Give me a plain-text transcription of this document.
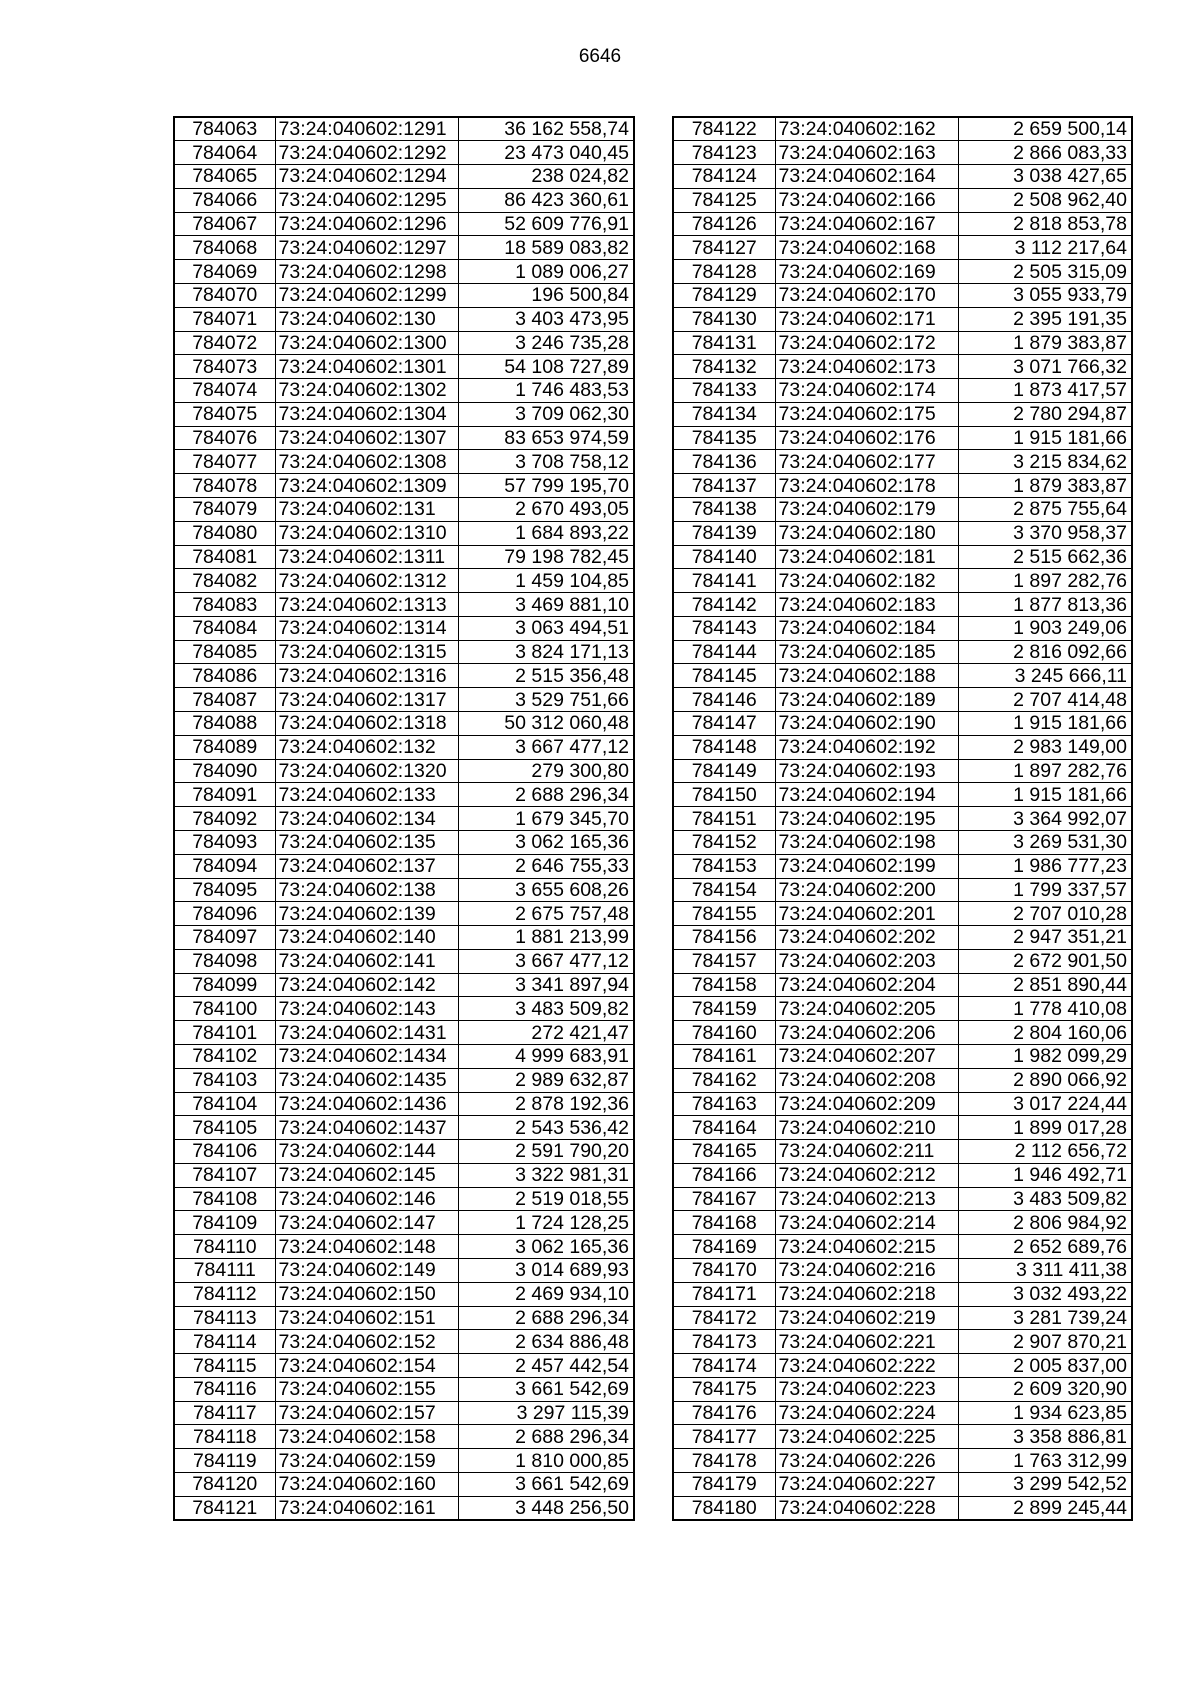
6646
784063	73:24:040602:1291	36 162 558,74
784064	73:24:040602:1292	23 473 040,45
784065	73:24:040602:1294	238 024,82
784066	73:24:040602:1295	86 423 360,61
784067	73:24:040602:1296	52 609 776,91
784068	73:24:040602:1297	18 589 083,82
784069	73:24:040602:1298	1 089 006,27
784070	73:24:040602:1299	196 500,84
784071	73:24:040602:130	3 403 473,95
784072	73:24:040602:1300	3 246 735,28
784073	73:24:040602:1301	54 108 727,89
784074	73:24:040602:1302	1 746 483,53
784075	73:24:040602:1304	3 709 062,30
784076	73:24:040602:1307	83 653 974,59
784077	73:24:040602:1308	3 708 758,12
784078	73:24:040602:1309	57 799 195,70
784079	73:24:040602:131	2 670 493,05
784080	73:24:040602:1310	1 684 893,22
784081	73:24:040602:1311	79 198 782,45
784082	73:24:040602:1312	1 459 104,85
784083	73:24:040602:1313	3 469 881,10
784084	73:24:040602:1314	3 063 494,51
784085	73:24:040602:1315	3 824 171,13
784086	73:24:040602:1316	2 515 356,48
784087	73:24:040602:1317	3 529 751,66
784088	73:24:040602:1318	50 312 060,48
784089	73:24:040602:132	3 667 477,12
784090	73:24:040602:1320	279 300,80
784091	73:24:040602:133	2 688 296,34
784092	73:24:040602:134	1 679 345,70
784093	73:24:040602:135	3 062 165,36
784094	73:24:040602:137	2 646 755,33
784095	73:24:040602:138	3 655 608,26
784096	73:24:040602:139	2 675 757,48
784097	73:24:040602:140	1 881 213,99
784098	73:24:040602:141	3 667 477,12
784099	73:24:040602:142	3 341 897,94
784100	73:24:040602:143	3 483 509,82
784101	73:24:040602:1431	272 421,47
784102	73:24:040602:1434	4 999 683,91
784103	73:24:040602:1435	2 989 632,87
784104	73:24:040602:1436	2 878 192,36
784105	73:24:040602:1437	2 543 536,42
784106	73:24:040602:144	2 591 790,20
784107	73:24:040602:145	3 322 981,31
784108	73:24:040602:146	2 519 018,55
784109	73:24:040602:147	1 724 128,25
784110	73:24:040602:148	3 062 165,36
784111	73:24:040602:149	3 014 689,93
784112	73:24:040602:150	2 469 934,10
784113	73:24:040602:151	2 688 296,34
784114	73:24:040602:152	2 634 886,48
784115	73:24:040602:154	2 457 442,54
784116	73:24:040602:155	3 661 542,69
784117	73:24:040602:157	3 297 115,39
784118	73:24:040602:158	2 688 296,34
784119	73:24:040602:159	1 810 000,85
784120	73:24:040602:160	3 661 542,69
784121	73:24:040602:161	3 448 256,50
784122	73:24:040602:162	2 659 500,14
784123	73:24:040602:163	2 866 083,33
784124	73:24:040602:164	3 038 427,65
784125	73:24:040602:166	2 508 962,40
784126	73:24:040602:167	2 818 853,78
784127	73:24:040602:168	3 112 217,64
784128	73:24:040602:169	2 505 315,09
784129	73:24:040602:170	3 055 933,79
784130	73:24:040602:171	2 395 191,35
784131	73:24:040602:172	1 879 383,87
784132	73:24:040602:173	3 071 766,32
784133	73:24:040602:174	1 873 417,57
784134	73:24:040602:175	2 780 294,87
784135	73:24:040602:176	1 915 181,66
784136	73:24:040602:177	3 215 834,62
784137	73:24:040602:178	1 879 383,87
784138	73:24:040602:179	2 875 755,64
784139	73:24:040602:180	3 370 958,37
784140	73:24:040602:181	2 515 662,36
784141	73:24:040602:182	1 897 282,76
784142	73:24:040602:183	1 877 813,36
784143	73:24:040602:184	1 903 249,06
784144	73:24:040602:185	2 816 092,66
784145	73:24:040602:188	3 245 666,11
784146	73:24:040602:189	2 707 414,48
784147	73:24:040602:190	1 915 181,66
784148	73:24:040602:192	2 983 149,00
784149	73:24:040602:193	1 897 282,76
784150	73:24:040602:194	1 915 181,66
784151	73:24:040602:195	3 364 992,07
784152	73:24:040602:198	3 269 531,30
784153	73:24:040602:199	1 986 777,23
784154	73:24:040602:200	1 799 337,57
784155	73:24:040602:201	2 707 010,28
784156	73:24:040602:202	2 947 351,21
784157	73:24:040602:203	2 672 901,50
784158	73:24:040602:204	2 851 890,44
784159	73:24:040602:205	1 778 410,08
784160	73:24:040602:206	2 804 160,06
784161	73:24:040602:207	1 982 099,29
784162	73:24:040602:208	2 890 066,92
784163	73:24:040602:209	3 017 224,44
784164	73:24:040602:210	1 899 017,28
784165	73:24:040602:211	2 112 656,72
784166	73:24:040602:212	1 946 492,71
784167	73:24:040602:213	3 483 509,82
784168	73:24:040602:214	2 806 984,92
784169	73:24:040602:215	2 652 689,76
784170	73:24:040602:216	3 311 411,38
784171	73:24:040602:218	3 032 493,22
784172	73:24:040602:219	3 281 739,24
784173	73:24:040602:221	2 907 870,21
784174	73:24:040602:222	2 005 837,00
784175	73:24:040602:223	2 609 320,90
784176	73:24:040602:224	1 934 623,85
784177	73:24:040602:225	3 358 886,81
784178	73:24:040602:226	1 763 312,99
784179	73:24:040602:227	3 299 542,52
784180	73:24:040602:228	2 899 245,44
